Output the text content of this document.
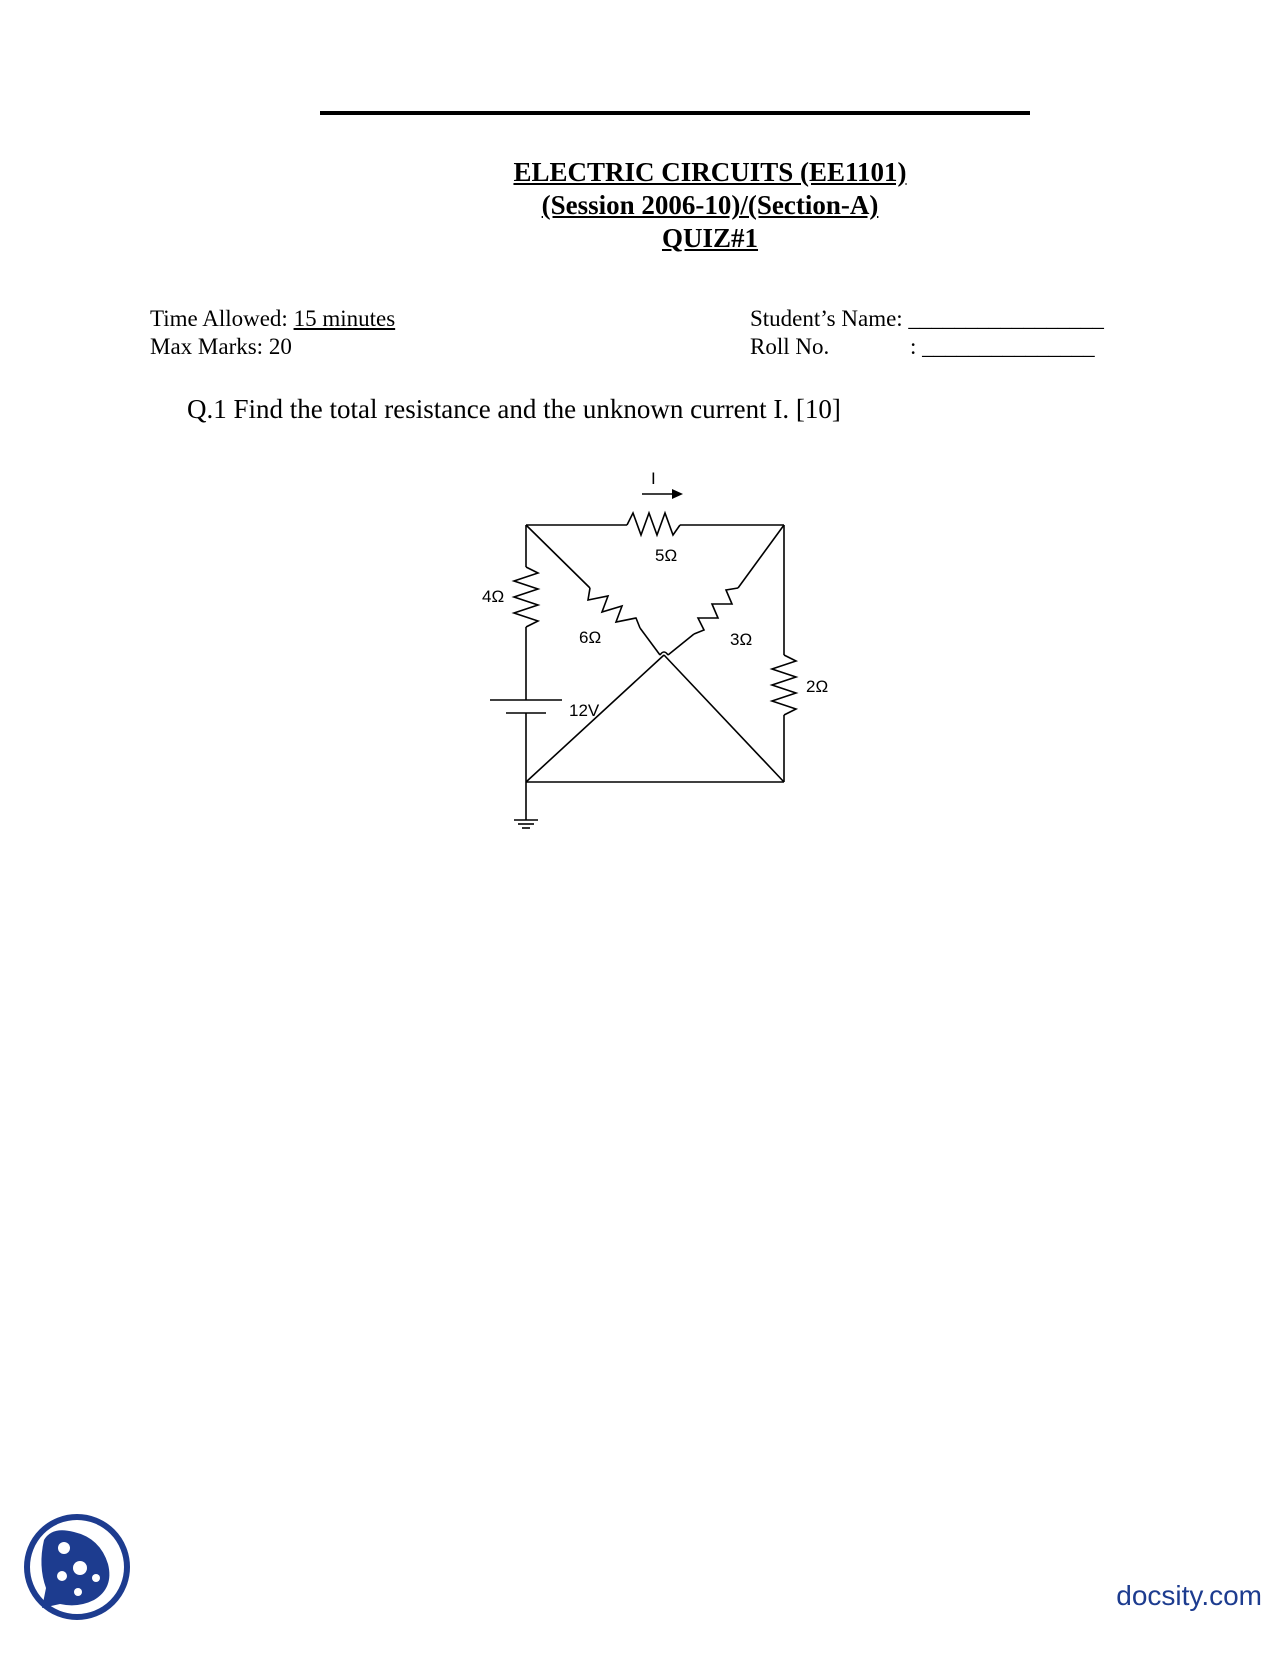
ELECTRIC CIRCUITS (EE1101)
(Session 2006-10)/(Section-A)
QUIZ#1
Time Allowed: 15 minutes
Max Marks: 20
Student’s Name: _________________
Roll No.	: _______________
Q.1 Find the total resistance and the unknown current I. [10]
I
5Ω
4Ω
6Ω	3Ω
2Ω
12V
docsity.com
